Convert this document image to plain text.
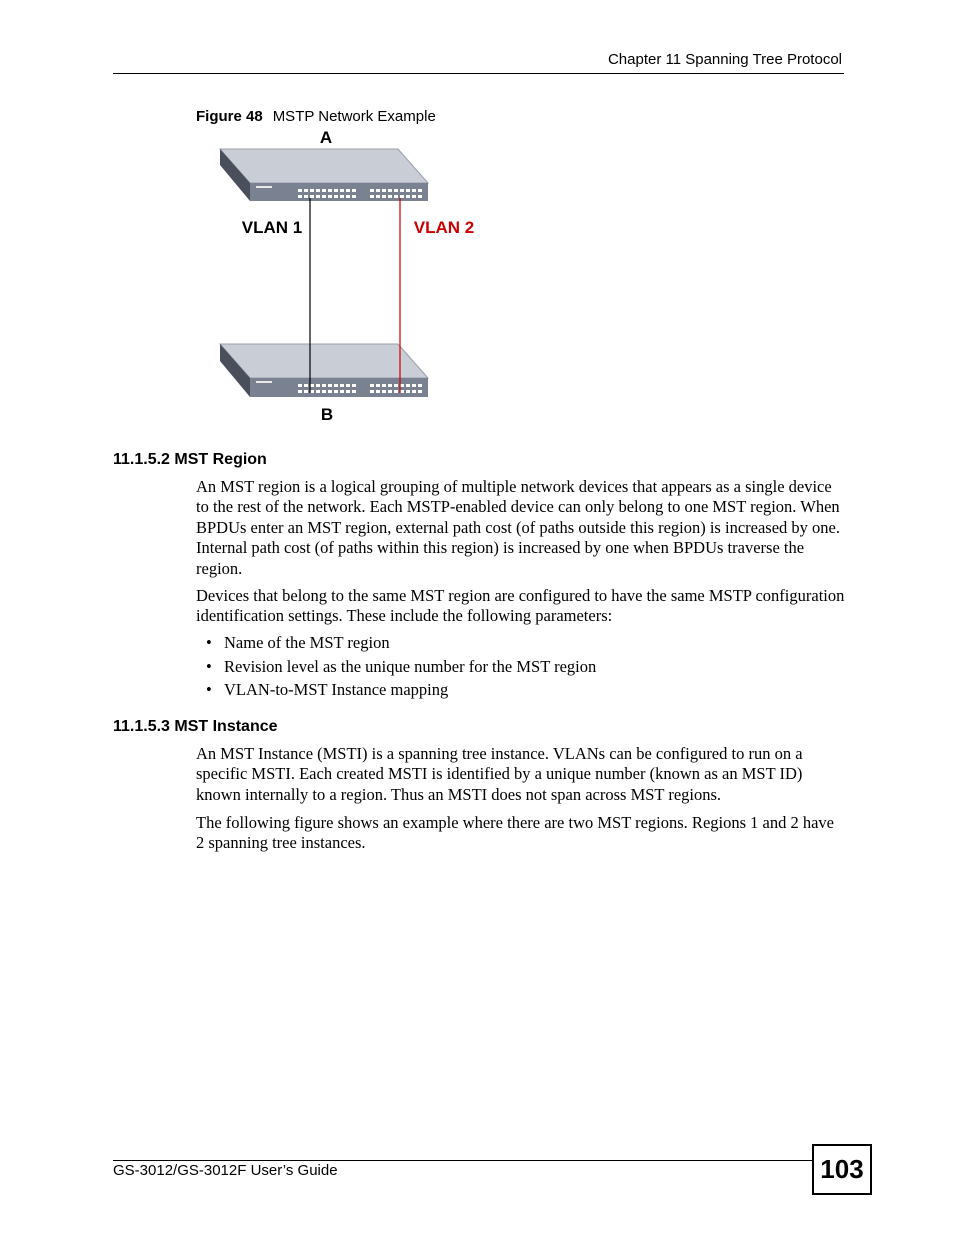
Chapter 11 Spanning Tree Protocol
Figure 48 MSTP Network Example
A
VLAN 1	VLAN 2
B
11.1.5.2 MST Region

An MST region is a logical grouping of multiple network devices that appears as a single device to the rest of the network. Each MSTP-enabled device can only belong to one MST region. When BPDUs enter an MST region, external path cost (of paths outside this region) is increased by one. Internal path cost (of paths within this region) is increased by one when BPDUs traverse the region.

Devices that belong to the same MST region are configured to have the same MSTP configuration identification settings. These include the following parameters:

• Name of the MST region
• Revision level as the unique number for the MST region
• VLAN-to-MST Instance mapping
11.1.5.3 MST Instance

An MST Instance (MSTI) is a spanning tree instance. VLANs can be configured to run on a specific MSTI. Each created MSTI is identified by a unique number (known as an MST ID) known internally to a region. Thus an MSTI does not span across MST regions.

The following figure shows an example where there are two MST regions. Regions 1 and 2 have 2 spanning tree instances.

GS-3012/GS-3012F User’s Guide	103
